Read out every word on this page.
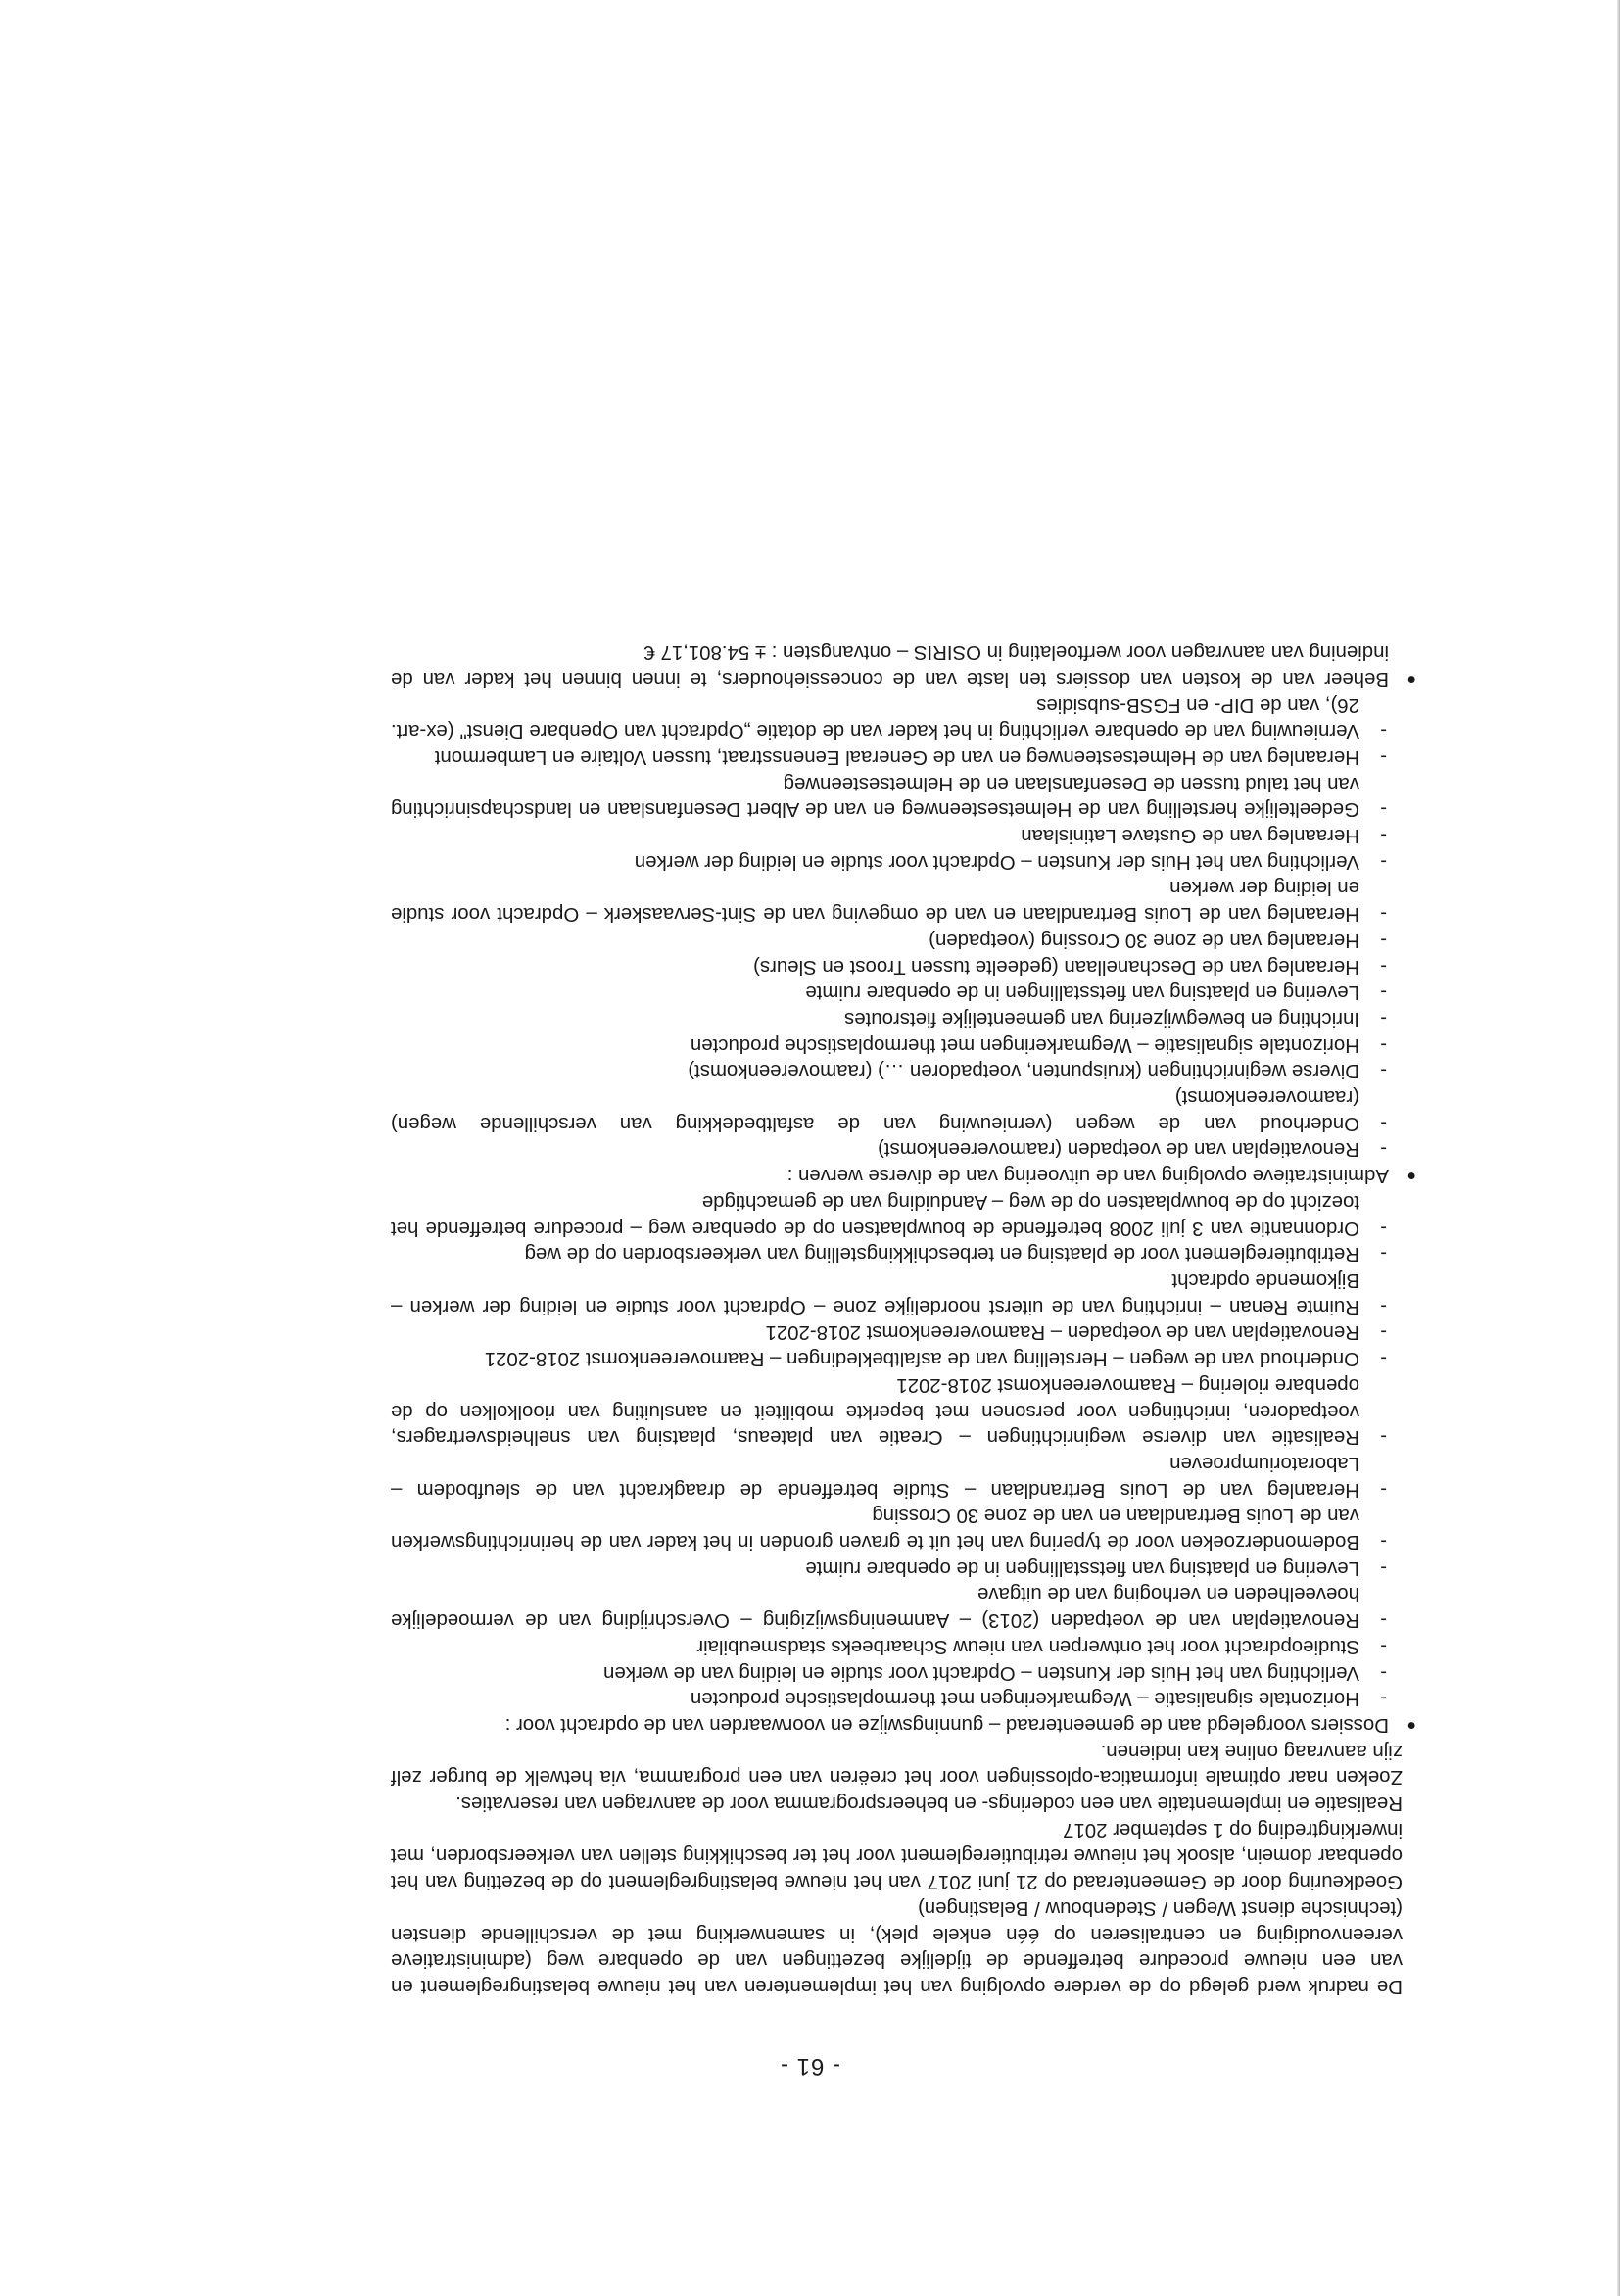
- 61 -

De nadruk werd gelegd op de verdere opvolging van het implementeren van het nieuwe belastingreglement en van een nieuwe procedure betreffende de tijdelijke bezettingen van de openbare weg (administratieve vereenvoudiging en centraliseren op één enkele plek), in samenwerking met de verschillende diensten (technische dienst Wegen / Stedenbouw / Belastingen)

Goedkeuring door de Gemeenteraad op 21 juni 2017 van het nieuwe belastingreglement op de bezetting van het openbaar domein, alsook het nieuwe retributiereglement voor het ter beschikking stellen van verkeersborden, met inwerkingtreding op 1 september 2017

Realisatie en implementatie van een coderings- en beheersprogramma voor de aanvragen van reservaties.

Zoeken naar optimale informatica-oplossingen voor het creëren van een programma, via hetwelk de burger zelf zijn aanvraag online kan indienen.

●

Dossiers voorgelegd aan de gemeenteraad – gunningswijze en voorwaarden van de opdracht voor :

-
Horizontale signalisatie – Wegmarkeringen met thermoplastische producten
-
Verlichting van het Huis der Kunsten – Opdracht voor studie en leiding van de werken
-
Studieopdracht voor het ontwerpen van nieuw Schaarbeeks stadsmeubilair
-
Renovatieplan van de voetpaden (2013) – Aanmeningswijziging – Overschrijding van de vermoedelijke hoeveelheden en verhoging van de uitgave
-
Levering en plaatsing van fietsstallingen in de openbare ruimte
-
Bodemonderzoeken voor de typering van het uit te graven gronden in het kader van de herinrichtingswerken van de Louis Bertrandlaan en van de zone 30 Crossing
-
Heraanleg van de Louis Bertrandlaan – Studie betreffende de draagkracht van de sleufbodem – Laboratoriumproeven
-
Realisatie van diverse weginrichtingen – Creatie van plateaus, plaatsing van snelheidsvertragers, voetpadoren, inrichtingen voor personen met beperkte mobiliteit en aansluiting van rioolkolken op de openbare riolering – Raamovereenkomst 2018-2021
-
Onderhoud van de wegen – Herstelling van de asfaltbekledingen – Raamovereenkomst 2018-2021
-
Renovatieplan van de voetpaden – Raamovereenkomst 2018-2021
-
Ruimte Renan – inrichting van de uiterst noordelijke zone – Opdracht voor studie en leiding der werken – Bijkomende opdracht
-
Retributiereglement voor de plaatsing en terbeschikkingstelling van verkeersborden op de weg
-
Ordonnantie van 3 juli 2008 betreffende de bouwplaatsen op de openbare weg – procedure betreffende het toezicht op de bouwplaatsen op de weg – Aanduiding van de gemachtigde
●

Administratieve opvolging van de uitvoering van de diverse werven :

-
Renovatieplan van de voetpaden (raamovereenkomst)
-
Onderhoud van de wegen (vernieuwing van de asfaltbedekking van verschillende wegen) (raamovereenkomst)
-
Diverse weginrichtingen (kruispunten, voetpadoren …) (raamovereenkomst)
-
Horizontale signalisatie – Wegmarkeringen met thermoplastische producten
-
Inrichting en bewegwijzering van gemeentelijke fietsroutes
-
Levering en plaatsing van fietsstallingen in de openbare ruimte
-
Heraanleg van de Deschanellaan (gedeelte tussen Troost en Sleurs)
-
Heraanleg van de zone 30 Crossing (voetpaden)
-
Heraanleg van de Louis Bertrandlaan en van de omgeving van de Sint-Servaaskerk – Opdracht voor studie en leiding der werken
-
Verlichting van het Huis der Kunsten – Opdracht voor studie en leiding der werken
-
Heraanleg van de Gustave Latinislaan
-
Gedeeltelijke herstelling van de Helmetsesteenweg en van de Albert Desenfanslaan en landschapsinrichting van het talud tussen de Desenfanslaan en de Helmetsesteenweg
-
Heraanleg van de Helmetsesteenweg en van de Generaal Eenensstraat, tussen Voltaire en Lambermont
-
Vernieuwing van de openbare verlichting in het kader van de dotatie „Opdracht van Openbare Dienst" (ex-art. 26), van de DIP- en FGSB-subsidies
●

Beheer van de kosten van dossiers ten laste van de concessiehouders, te innen binnen het kader van de indiening van aanvragen voor werftoelating in OSIRIS – ontvangsten : ± 54.801,17 €
